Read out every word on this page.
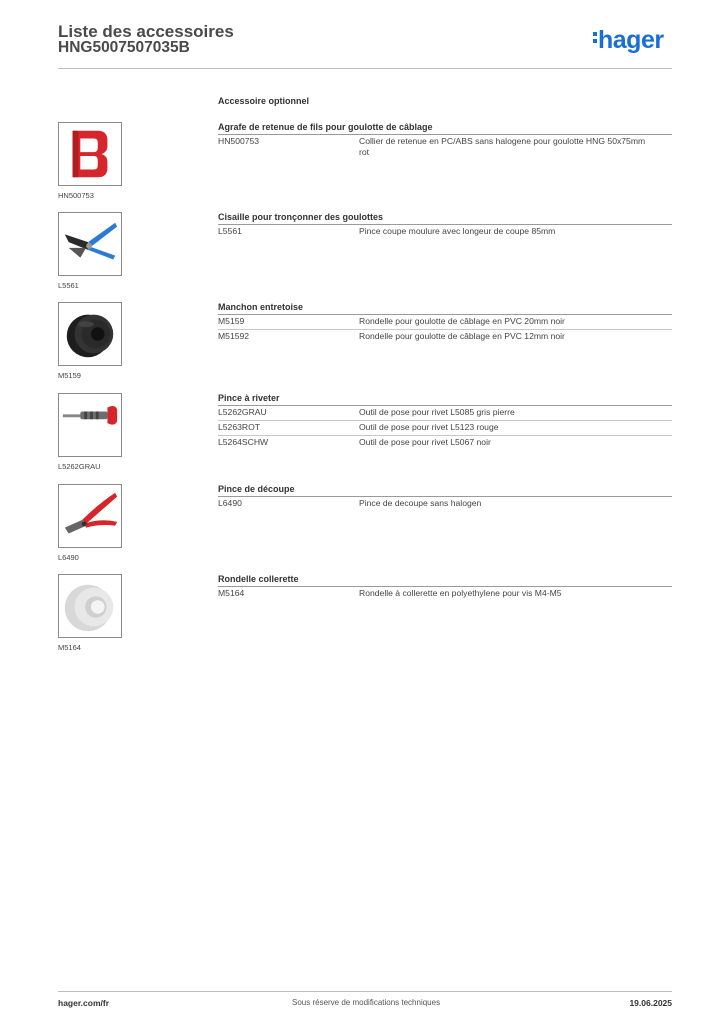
Liste des accessoires
HNG5007507035B	hager
Accessoire optionnel
HN500753
Agrafe de retenue de fils pour goulotte de câblage
HN500753	Collier de retenue en PC/ABS sans halogene pour goulotte HNG 50x75mm rot
L5561
Cisaille pour tronçonner des goulottes
L5561	Pince coupe moulure avec longeur de coupe 85mm
M5159
Manchon entretoise
M5159	Rondelle pour goulotte de câblage en PVC 20mm noir
M51592	Rondelle pour goulotte de câblage en PVC 12mm noir
L5262GRAU
Pince à riveter
L5262GRAU	Outil de pose pour rivet L5085 gris pierre
L5263ROT	Outil de pose pour rivet L5123 rouge
L5264SCHW	Outil de pose pour rivet L5067 noir
L6490
Pince de découpe
L6490	Pince de decoupe sans halogen
M5164
Rondelle collerette
M5164	Rondelle à collerette en polyethylene pour vis M4-M5
hager.com/fr	Sous réserve de modifications techniques	19.06.2025
